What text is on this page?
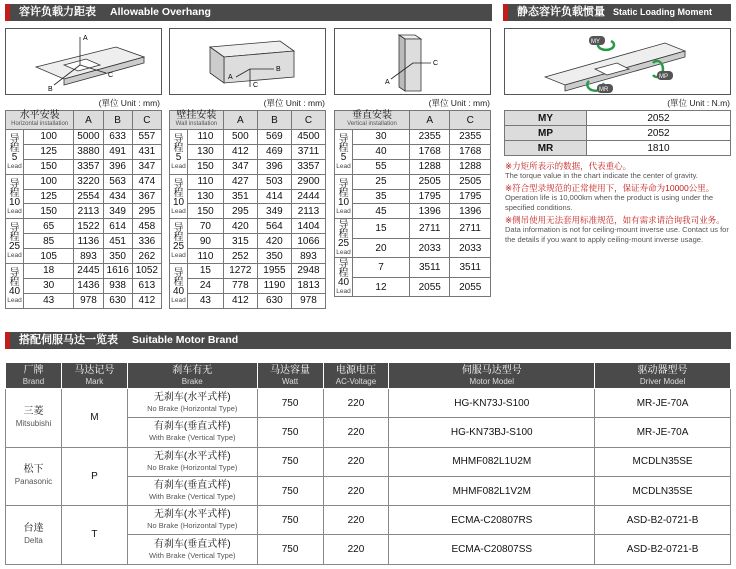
容许负载力距表 Allowable Overhang	静态容许负载惯量 Static Loading Moment
A
B
C
B
A
C
C
A
MY
MP
MR
(單位 Unit : mm)	(單位 Unit : mm)	(單位 Unit : mm)	(單位 Unit : N.m)
水平安裝
Horizontal installation		A	B	C

导
程
5
Lead	100	5000	633	557
	125	3880	491	431
	150	3357	396	347

导
程
10
Lead	100	3220	563	474
	125	2554	434	367
	150	2113	349	295

导
程
25
Lead	65	1522	614	458
	85	1136	451	336
	105	893	350	262

导
程
40
Lead	18	2445	1616	1052
	30	1436	938	613
	43	978	630	412
壁挂安装
Wall installation		A	B	C

导
程
5
Lead	110	500	569	4500
	130	412	469	3711
	150	347	396	3357

导
程
10
Lead	110	427	503	2900
	130	351	414	2444
	150	295	349	2113

导
程
25
Lead	70	420	564	1404
	90	315	420	1066
	110	252	350	893

导
程
40
Lead	15	1272	1955	2948
	24	778	1190	1813
	43	412	630	978
垂直安装
Vertical installation		A	C

导
程
5
Lead	30	2355	2355
	40	1768	1768
	55	1288	1288

导
程
10
Lead	25	2505	2505
	35	1795	1795
	45	1396	1396

导
程
25
Lead	15	2711	2711
	20	2033	2033

导
程
40
Lead	7	3511	3511
	12	2055	2055
MY	2052
MP	2052
MR	1810
※力矩所表示的数据，代表重心。
The torque value in the chart indicate the center of gravity.
※符合型录规范的正常使用下，保证寿命为10000公里。
Operation life is 10,000km when the product is using under the specified conditions.
※侧吊使用无法套用标准规范，如有需求请洽询我司业务。
Data information is not for ceiling-mount inverse use. Contact us for the details if you want to apply ceiling-mount inverse usage.
搭配伺服马达一览表 Suitable Motor Brand
厂牌
Brand	马达记号
Mark	刹车有无
Brake	马达容量
Watt	电源电压
AC-Voltage	伺服马达型号
Motor Model	驱动器型号
Driver Model

三菱
Mitsubishi	M	无刹车(水平式样)
No Brake (Horizontal Type)	750	220	HG-KN73J-S100	MR-JE-70A
		有刹车(垂直式样)
With Brake (Vertical Type)	750	220	HG-KN73BJ-S100	MR-JE-70A
松下
Panasonic	P	无刹车(水平式样)
No Brake (Horizontal Type)	750	220	MHMF082L1U2M	MCDLN35SE
		有刹车(垂直式样)
With Brake (Vertical Type)	750	220	MHMF082L1V2M	MCDLN35SE
台達
Delta	T	无刹车(水平式样)
No Brake (Horizontal Type)	750	220	ECMA-C20807RS	ASD-B2-0721-B
		有刹车(垂直式样)
With Brake (Vertical Type)	750	220	ECMA-C20807SS	ASD-B2-0721-B
